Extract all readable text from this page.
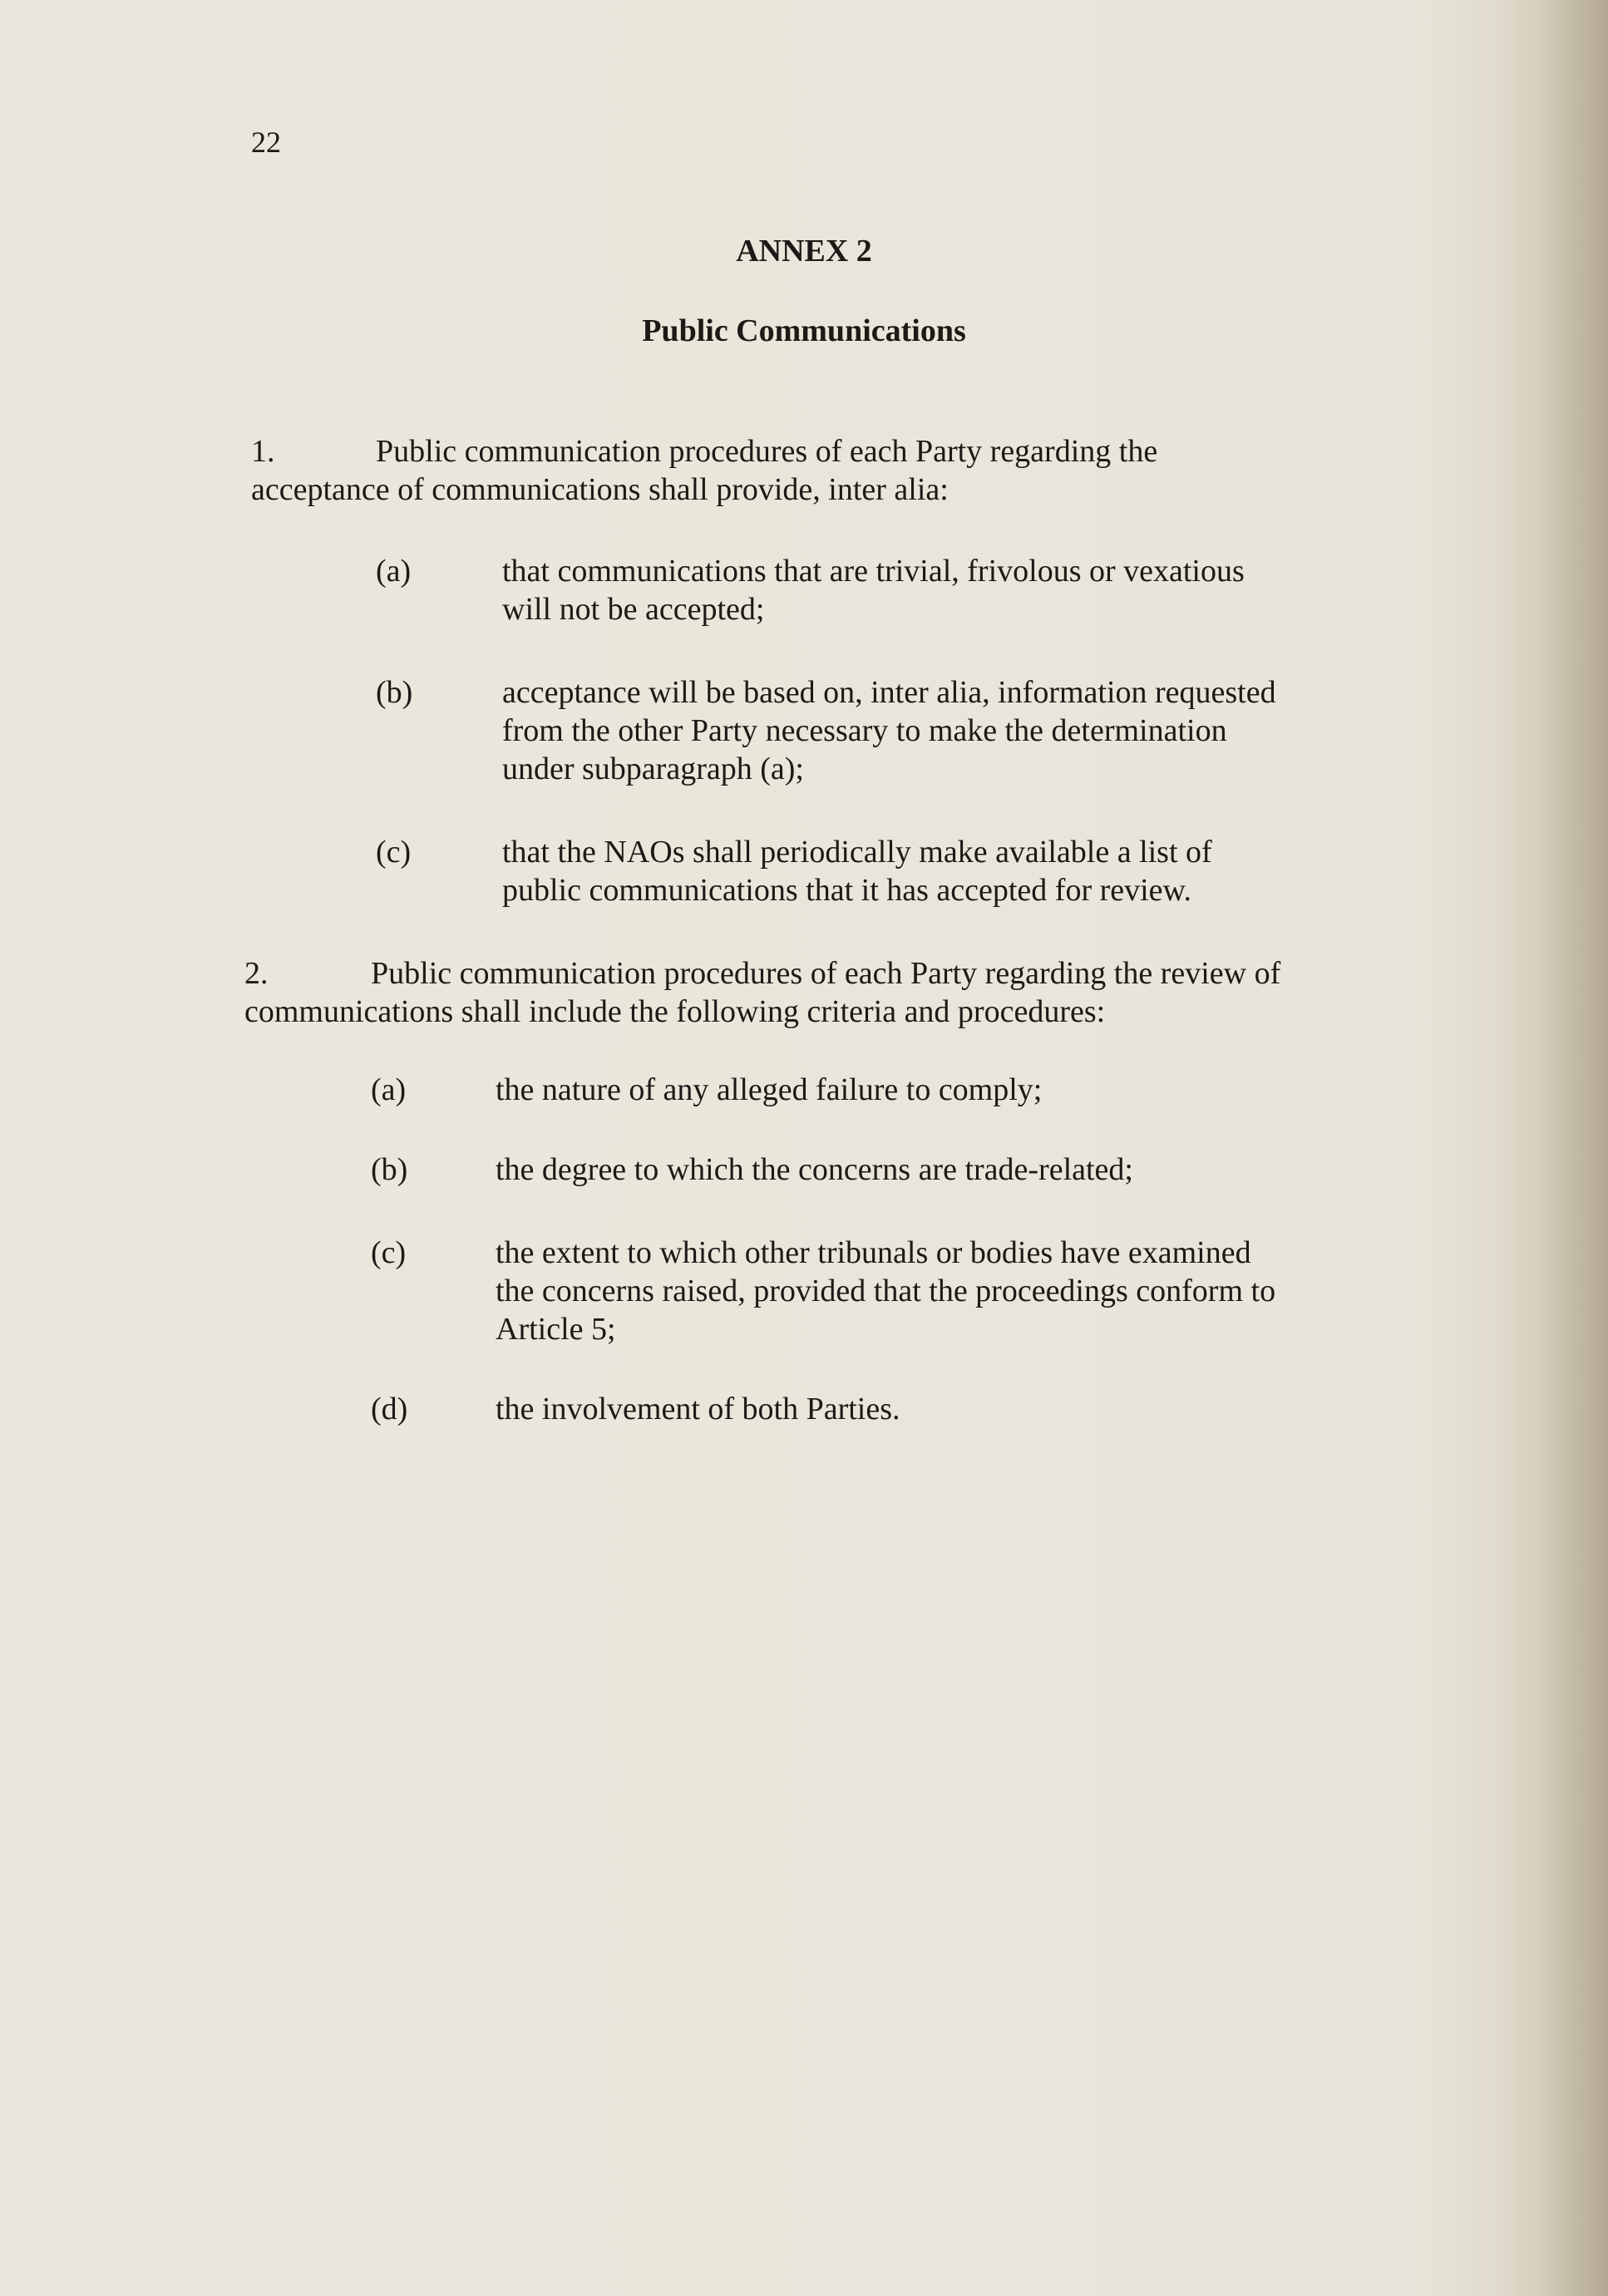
22
ANNEX 2
Public Communications
1.	Public communication procedures of each Party regarding the
acceptance of communications shall provide, inter alia:
(a)	that communications that are trivial, frivolous or vexatious
will not be accepted;
(b)	acceptance will be based on, inter alia, information requested
from the other Party necessary to make the determination
under subparagraph (a);
(c)	that the NAOs shall periodically make available a list of
public communications that it has accepted for review.
2.	Public communication procedures of each Party regarding the review of
communications shall include the following criteria and procedures:
(a)	the nature of any alleged failure to comply;
(b)	the degree to which the concerns are trade-related;
(c)	the extent to which other tribunals or bodies have examined
the concerns raised, provided that the proceedings conform to
Article 5;
(d)	the involvement of both Parties.
